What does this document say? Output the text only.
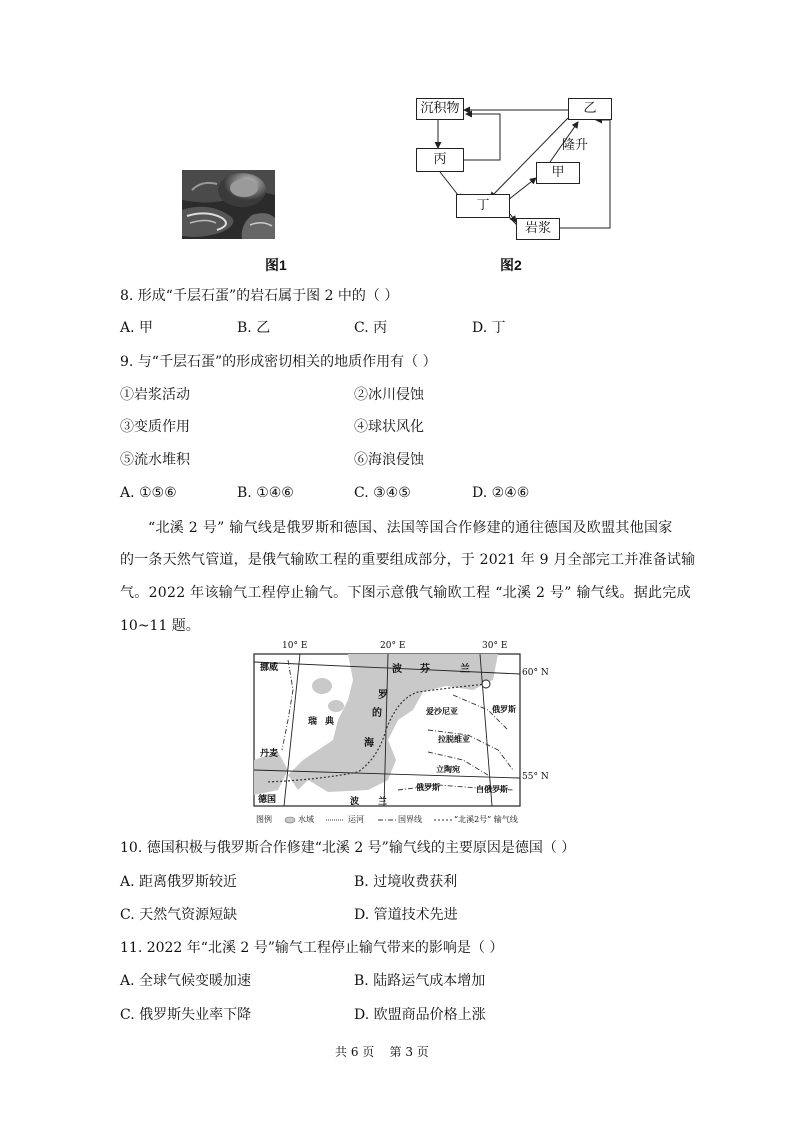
图1
沉积物	乙
丙
甲
丁
岩浆
隆升
图2
8. 形成“千层石蛋”的岩石属于图 2 中的（ ）
A. 甲	B. 乙	C. 丙	D. 丁
9. 与“千层石蛋”的形成密切相关的地质作用有（ ）
①岩浆活动	②冰川侵蚀
③变质作用	④球状风化
⑤流水堆积	⑥海浪侵蚀
A. ①⑤⑥	B. ①④⑥	C. ③④⑤	D. ②④⑥
“北溪 2 号” 输气线是俄罗斯和德国、法国等国合作修建的通往德国及欧盟其他国家
的一条天然气管道，是俄气输欧工程的重要组成部分，于 2021 年 9 月全部完工并准备试输
气。2022 年该输气工程停止输气。下图示意俄气输欧工程 “北溪 2 号” 输气线。据此完成
10~11 题。
10° E	20° E	30° E
60° N
55° N
挪威
瑞典
丹麦
德国
波
罗
的
海
芬	兰
爱沙尼亚	俄罗斯
拉脱维亚
立陶宛
俄罗斯	白俄罗斯
波 兰
图例	水域	运河	国界线	“北溪2号” 输气线
10. 德国积极与俄罗斯合作修建“北溪 2 号”输气线的主要原因是德国（ ）
A. 距离俄罗斯较近	B. 过境收费获利
C. 天然气资源短缺	D. 管道技术先进
11. 2022 年“北溪 2 号”输气工程停止输气带来的影响是（ ）
A. 全球气候变暖加速	B. 陆路运气成本增加
C. 俄罗斯失业率下降	D. 欧盟商品价格上涨
共 6 页    第 3 页
